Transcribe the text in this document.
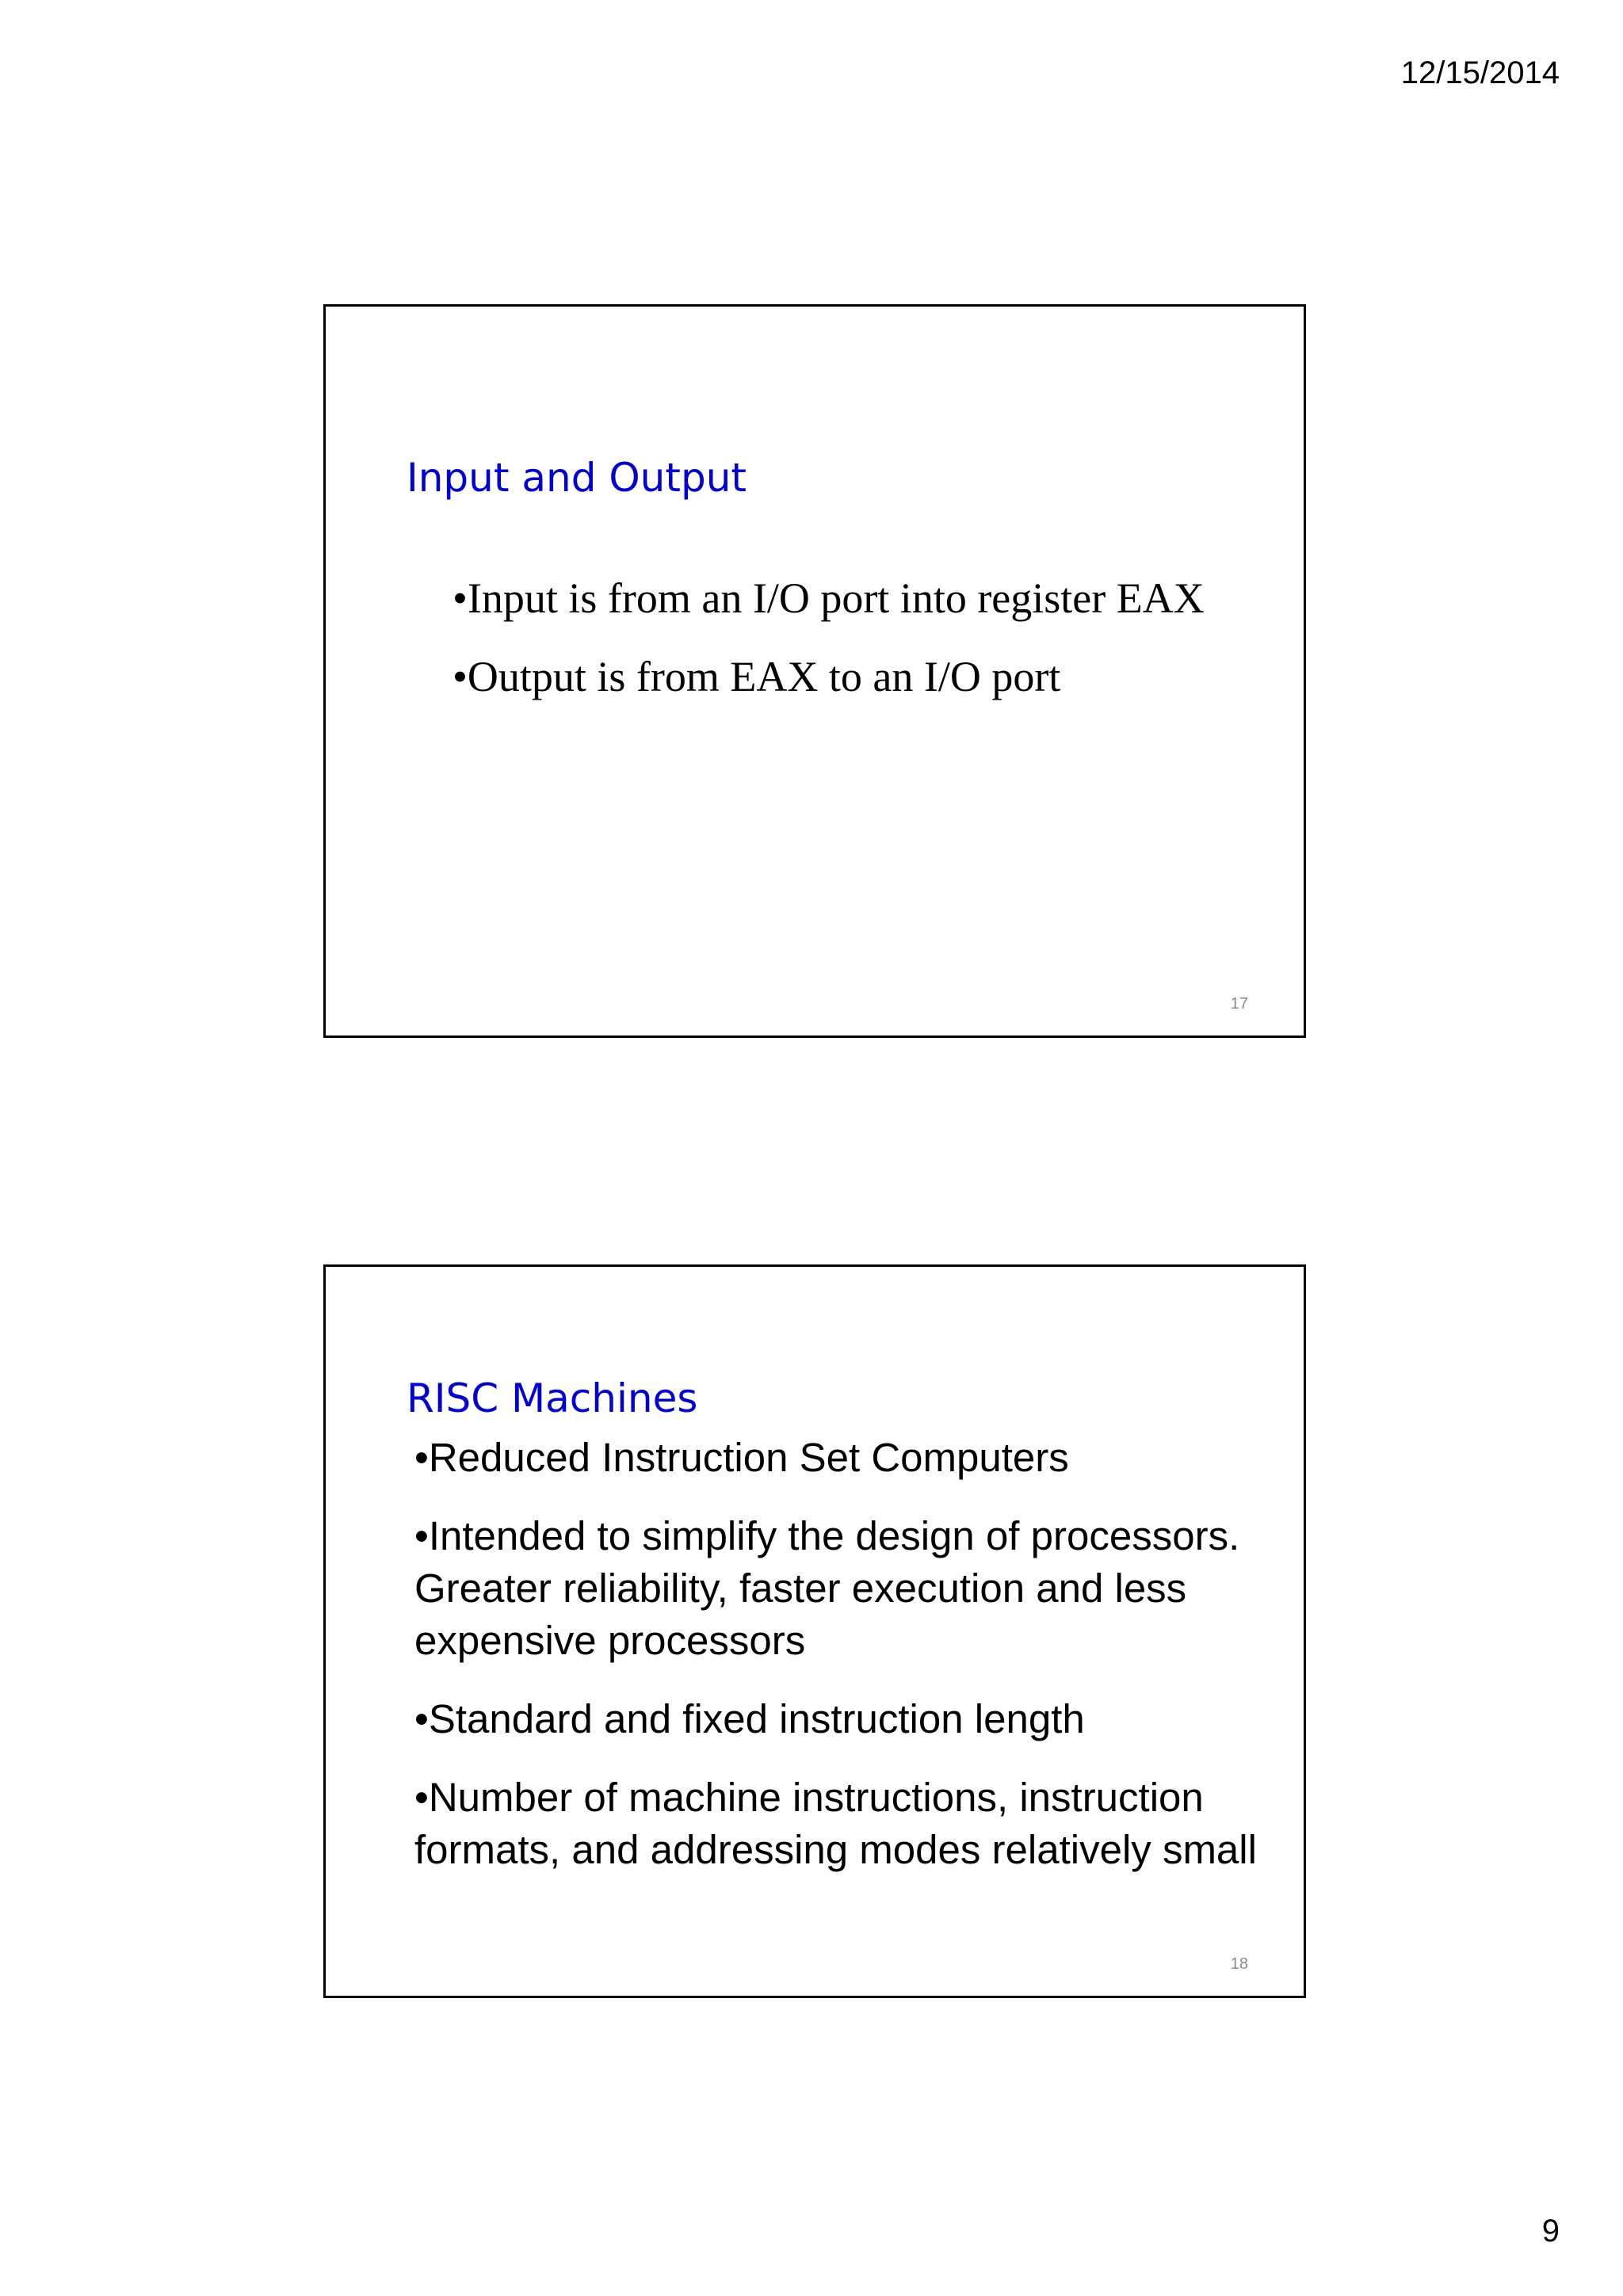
12/15/2014
Input and Output
•Input is from an I/O port into register EAX
•Output is from EAX to an I/O port
17
RISC Machines
•Reduced Instruction Set Computers
•Intended to simplify the design of processors. Greater reliability, faster execution and less expensive processors
•Standard and fixed instruction length
•Number of machine instructions, instruction formats, and addressing modes relatively small
18
9
